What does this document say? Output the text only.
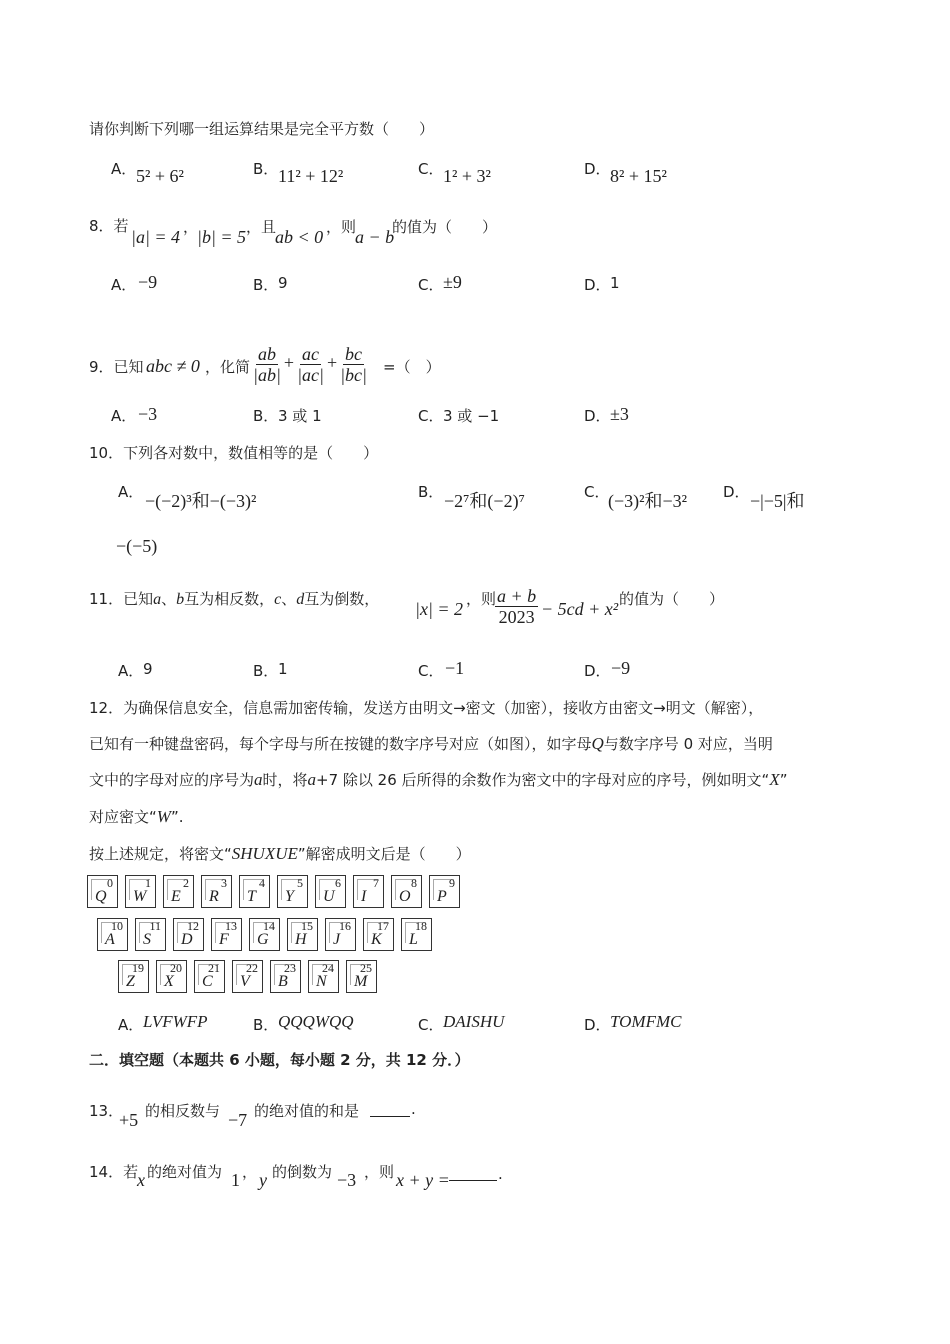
请你判断下列哪一组运算结果是完全平方数（　　）
A． 5² + 6²	B． 11² + 12²	C． 1² + 3²	D． 8² + 15²
8．若
|a| = 4 ，
|b| = 5 ，且
ab < 0 ，则
a − b
的值为（　　）
A． −9	B． 9	C． ±9	D． 1
9．已知 abc ≠ 0 ，化简 $\frac{ab}{|ab|} + \frac{ac}{|ac|} + \frac{bc}{|bc|}$ =（　）
A． −3	B． 3 或 1	C． 3 或 −1	D． ±3
10．下列各对数中，数值相等的是（　　）
A． −(−2)³和−(−3)²	B． −2⁷和(−2)⁷	C．
(−3)²和−3² D． −|−5|和
−(−5)
11．已知a、b互为相反数，c、d互为倒数， |x| = 2 ，则
$\frac{a + b}{2023} - 5cd + x^2$ 的值为（　　）
A． 9	B． 1	C． −1	D． −9
12．为确保信息安全，信息需加密传输，发送方由明文→密文（加密），接收方由密文→明文（解密），
已知有一种键盘密码，每个字母与所在按键的数字序号对应（如图），如字母Q与数字序号 0 对应，当明
文中的字母对应的序号为a时，将a+7 除以 26 后所得的余数作为密文中的字母对应的序号，例如明文“X”
对应密文“W”.
按上述规定，将密文“SHUXUE”解密成明文后是（　　）
0
Q
1
W
2
E
3
R
4
T
5
Y
6
U
7
I
8
O
9
P
10
A
11
S
12
D
13
F
14
G
15
H
16
J
17
K
18
L
19
Z
20
X
21
C
22
V
23
B
24
N
25
M
A． LVFWFP	B． QQQWQQ	C． DAISHU	D． TOMFMC
二．填空题（本题共 6 小题，每小题 2 分，共 12 分．）
13．
+5 的相反数与 −7 的绝对值的和是	.
14．若
x 的绝对值为 1 ， y 的倒数为 −3 ，则 x + y =	.
